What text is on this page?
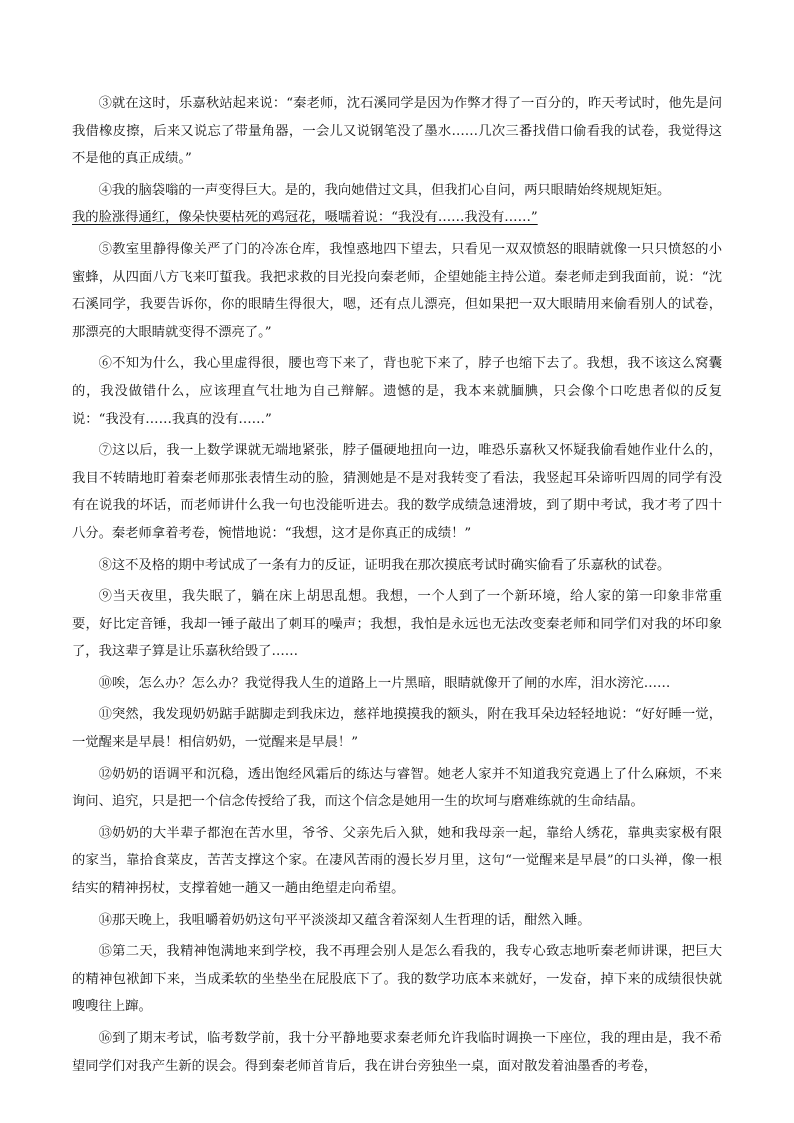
③就在这时，乐嘉秋站起来说：“秦老师，沈石溪同学是因为作弊才得了一百分的，昨天考试时，他先是问我借橡皮擦，后来又说忘了带量角器，一会儿又说钢笔没了墨水……几次三番找借口偷看我的试卷，我觉得这不是他的真正成绩。”

④我的脑袋嗡的一声变得巨大。是的，我向她借过文具，但我扪心自问，两只眼睛始终规规矩矩。

我的脸涨得通红，像朵快要枯死的鸡冠花，嗫嚅着说：“我没有……我没有……”

⑤教室里静得像关严了门的冷冻仓库，我惶惑地四下望去，只看见一双双愤怒的眼睛就像一只只愤怒的小蜜蜂，从四面八方飞来叮蜇我。我把求救的目光投向秦老师，企望她能主持公道。秦老师走到我面前，说：“沈石溪同学，我要告诉你，你的眼睛生得很大，嗯，还有点儿漂亮，但如果把一双大眼睛用来偷看别人的试卷，那漂亮的大眼睛就变得不漂亮了。”

⑥不知为什么，我心里虚得很，腰也弯下来了，背也驼下来了，脖子也缩下去了。我想，我不该这么窝囊的，我没做错什么，应该理直气壮地为自己辩解。遗憾的是，我本来就腼腆，只会像个口吃患者似的反复说：“我没有……我真的没有……”

⑦这以后，我一上数学课就无端地紧张，脖子僵硬地扭向一边，唯恐乐嘉秋又怀疑我偷看她作业什么的，我目不转睛地盯着秦老师那张表情生动的脸，猜测她是不是对我转变了看法，我竖起耳朵谛听四周的同学有没有在说我的坏话，而老师讲什么我一句也没能听进去。我的数学成绩急速滑坡，到了期中考试，我才考了四十八分。秦老师拿着考卷，惋惜地说：“我想，这才是你真正的成绩！”

⑧这不及格的期中考试成了一条有力的反证，证明我在那次摸底考试时确实偷看了乐嘉秋的试卷。

⑨当天夜里，我失眠了，躺在床上胡思乱想。我想，一个人到了一个新环境，给人家的第一印象非常重要，好比定音锤，我却一锤子敲出了刺耳的噪声；我想，我怕是永远也无法改变秦老师和同学们对我的坏印象了，我这辈子算是让乐嘉秋给毁了……

⑩唉，怎么办？怎么办？我觉得我人生的道路上一片黑暗，眼睛就像开了闸的水库，泪水滂沱……

⑪突然，我发现奶奶踮手踮脚走到我床边，慈祥地摸摸我的额头，附在我耳朵边轻轻地说：“好好睡一觉，一觉醒来是早晨！相信奶奶，一觉醒来是早晨！”

⑫奶奶的语调平和沉稳，透出饱经风霜后的练达与睿智。她老人家并不知道我究竟遇上了什么麻烦，不来询问、追究，只是把一个信念传授给了我，而这个信念是她用一生的坎坷与磨难练就的生命结晶。

⑬奶奶的大半辈子都泡在苦水里，爷爷、父亲先后入狱，她和我母亲一起，靠给人绣花，靠典卖家极有限的家当，靠拾食菜皮，苦苦支撑这个家。在凄风苦雨的漫长岁月里，这句“一觉醒来是早晨”的口头禅，像一根结实的精神拐杖，支撑着她一趟又一趟由绝望走向希望。

⑭那天晚上，我咀嚼着奶奶这句平平淡淡却又蕴含着深刻人生哲理的话，酣然入睡。

⑮第二天，我精神饱满地来到学校，我不再理会别人是怎么看我的，我专心致志地听秦老师讲课，把巨大的精神包袱卸下来，当成柔软的坐垫坐在屁股底下了。我的数学功底本来就好，一发奋，掉下来的成绩很快就嗖嗖往上蹿。

⑯到了期末考试，临考数学前，我十分平静地要求秦老师允许我临时调换一下座位，我的理由是，我不希望同学们对我产生新的误会。得到秦老师首肯后，我在讲台旁独坐一桌，面对散发着油墨香的考卷，
